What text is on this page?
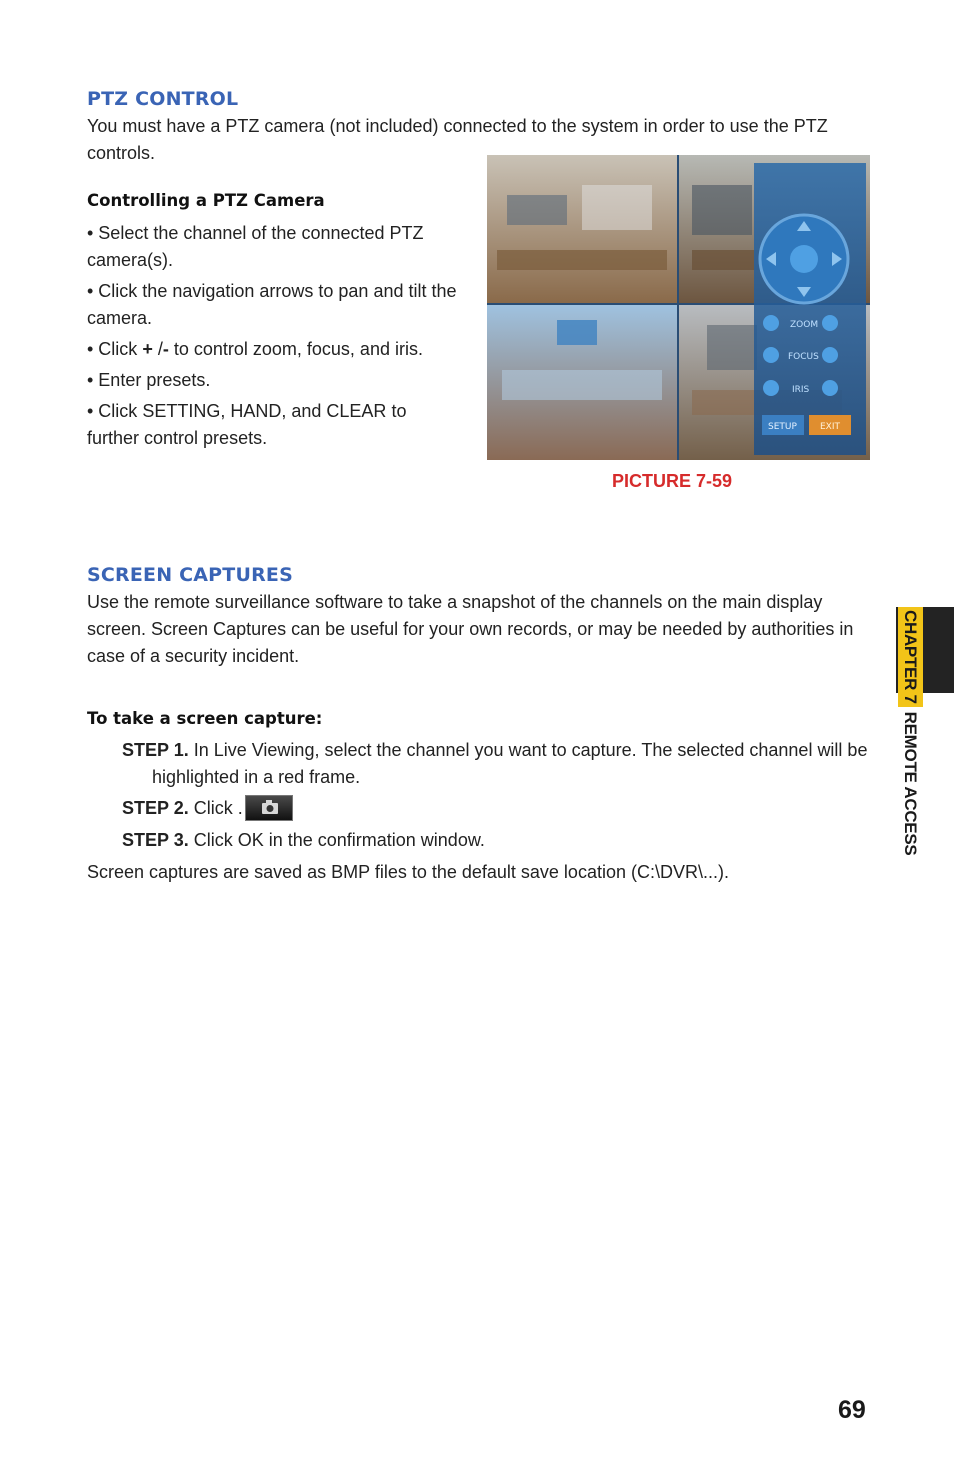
PTZ CONTROL
You must have a PTZ camera (not included) connected to the system in order to use the PTZ controls.
Controlling a PTZ Camera
• Select the channel of the connected PTZ camera(s).
• Click the navigation arrows to pan and tilt the camera.
• Click + /- to control zoom, focus, and iris.
• Enter presets.
• Click SETTING, HAND, and CLEAR to further control presets.
ZOOM
FOCUS
IRIS
SETUP	EXIT
PICTURE 7-59
SCREEN CAPTURES
Use the remote surveillance software to take a snapshot of the channels on the main display screen. Screen Captures can be useful for your own records, or may be needed by authorities in case of a security incident.
To take a screen capture:
STEP 1. In Live Viewing, select the channel you want to capture. The selected channel will be highlighted in a red frame.
STEP 2. Click .
STEP 3. Click OK in the confirmation window.
Screen captures are saved as BMP files to the default save location (C:\DVR\...).
CHAPTER 7REMOTE ACCESS
69
